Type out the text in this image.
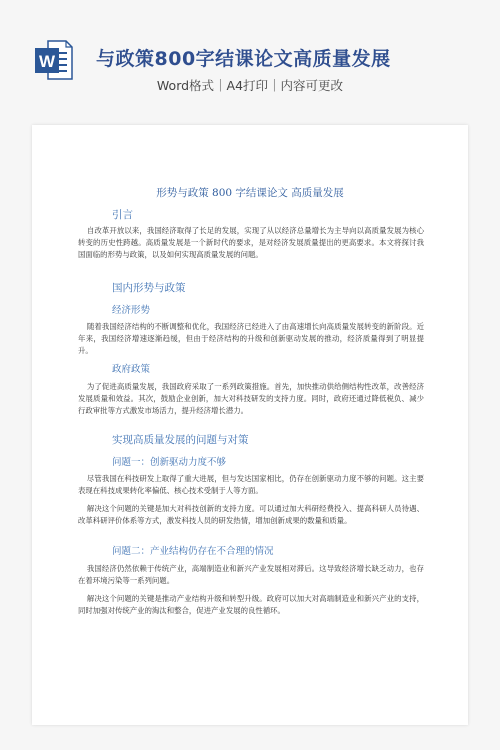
W 与政策800字结课论文高质量发展
Word格式｜A4打印｜内容可更改
形势与政策 800 字结课论文 高质量发展
引言

自改革开放以来，我国经济取得了长足的发展，实现了从以经济总量增长为主导向以高质量发展为核心转变的历史性跨越。高质量发展是一个新时代的要求，是对经济发展质量提出的更高要求。本文将探讨我国面临的形势与政策，以及如何实现高质量发展的问题。

国内形势与政策
经济形势

随着我国经济结构的不断调整和优化，我国经济已经进入了由高速增长向高质量发展转变的新阶段。近年来，我国经济增速逐渐趋缓，但由于经济结构的升级和创新驱动发展的推动，经济质量得到了明显提升。

政府政策

为了促进高质量发展，我国政府采取了一系列政策措施。首先，加快推动供给侧结构性改革，改善经济发展质量和效益。其次，鼓励企业创新，加大对科技研发的支持力度。同时，政府还通过降低税负、减少行政审批等方式激发市场活力，提升经济增长潜力。

实现高质量发展的问题与对策
问题一：创新驱动力度不够

尽管我国在科技研发上取得了重大进展，但与发达国家相比，仍存在创新驱动力度不够的问题。这主要表现在科技成果转化率偏低、核心技术受制于人等方面。

解决这个问题的关键是加大对科技创新的支持力度。可以通过加大科研经费投入、提高科研人员待遇、改革科研评价体系等方式，激发科技人员的研发热情，增加创新成果的数量和质量。

问题二：产业结构仍存在不合理的情况

我国经济仍然依赖于传统产业，高端制造业和新兴产业发展相对滞后。这导致经济增长缺乏动力，也存在着环境污染等一系列问题。

解决这个问题的关键是推动产业结构升级和转型升级。政府可以加大对高端制造业和新兴产业的支持，同时加强对传统产业的淘汰和整合，促进产业发展的良性循环。
